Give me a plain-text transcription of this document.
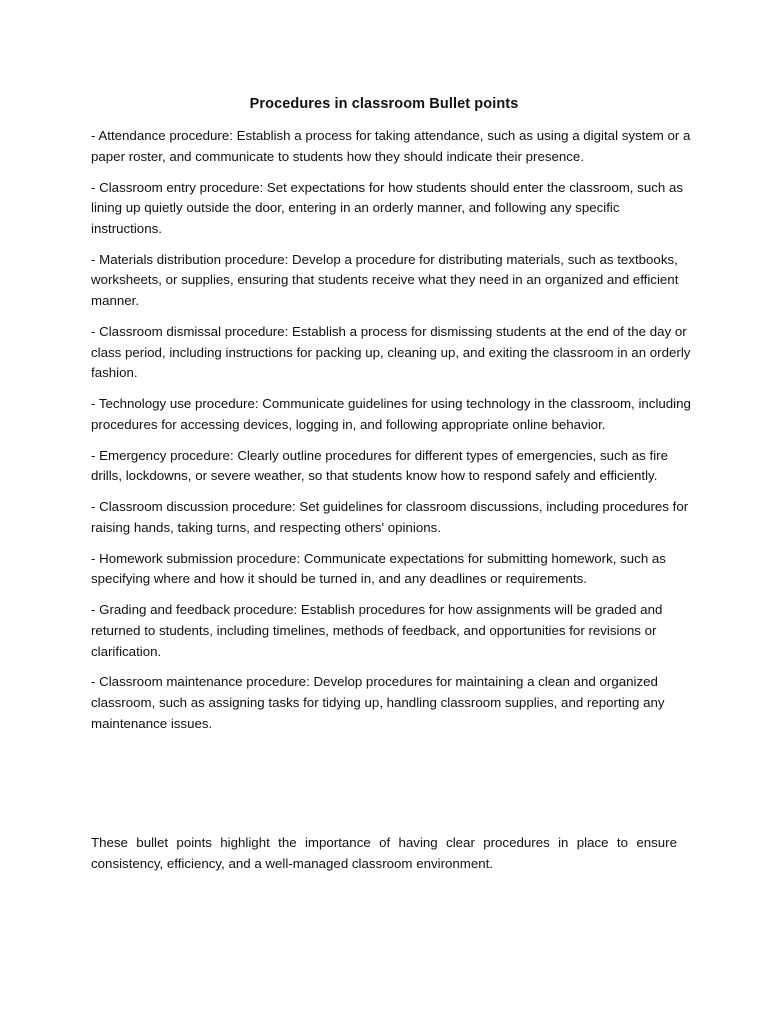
Procedures in classroom Bullet points
- Attendance procedure: Establish a process for taking attendance, such as using a digital system or a paper roster, and communicate to students how they should indicate their presence.
- Classroom entry procedure: Set expectations for how students should enter the classroom, such as lining up quietly outside the door, entering in an orderly manner, and following any specific instructions.
- Materials distribution procedure: Develop a procedure for distributing materials, such as textbooks, worksheets, or supplies, ensuring that students receive what they need in an organized and efficient manner.
- Classroom dismissal procedure: Establish a process for dismissing students at the end of the day or class period, including instructions for packing up, cleaning up, and exiting the classroom in an orderly fashion.
- Technology use procedure: Communicate guidelines for using technology in the classroom, including procedures for accessing devices, logging in, and following appropriate online behavior.
- Emergency procedure: Clearly outline procedures for different types of emergencies, such as fire drills, lockdowns, or severe weather, so that students know how to respond safely and efficiently.
- Classroom discussion procedure: Set guidelines for classroom discussions, including procedures for raising hands, taking turns, and respecting others' opinions.
- Homework submission procedure: Communicate expectations for submitting homework, such as specifying where and how it should be turned in, and any deadlines or requirements.
- Grading and feedback procedure: Establish procedures for how assignments will be graded and returned to students, including timelines, methods of feedback, and opportunities for revisions or clarification.
- Classroom maintenance procedure: Develop procedures for maintaining a clean and organized classroom, such as assigning tasks for tidying up, handling classroom supplies, and reporting any maintenance issues.

These bullet points highlight the importance of having clear procedures in place to ensure consistency, efficiency, and a well-managed classroom environment.
